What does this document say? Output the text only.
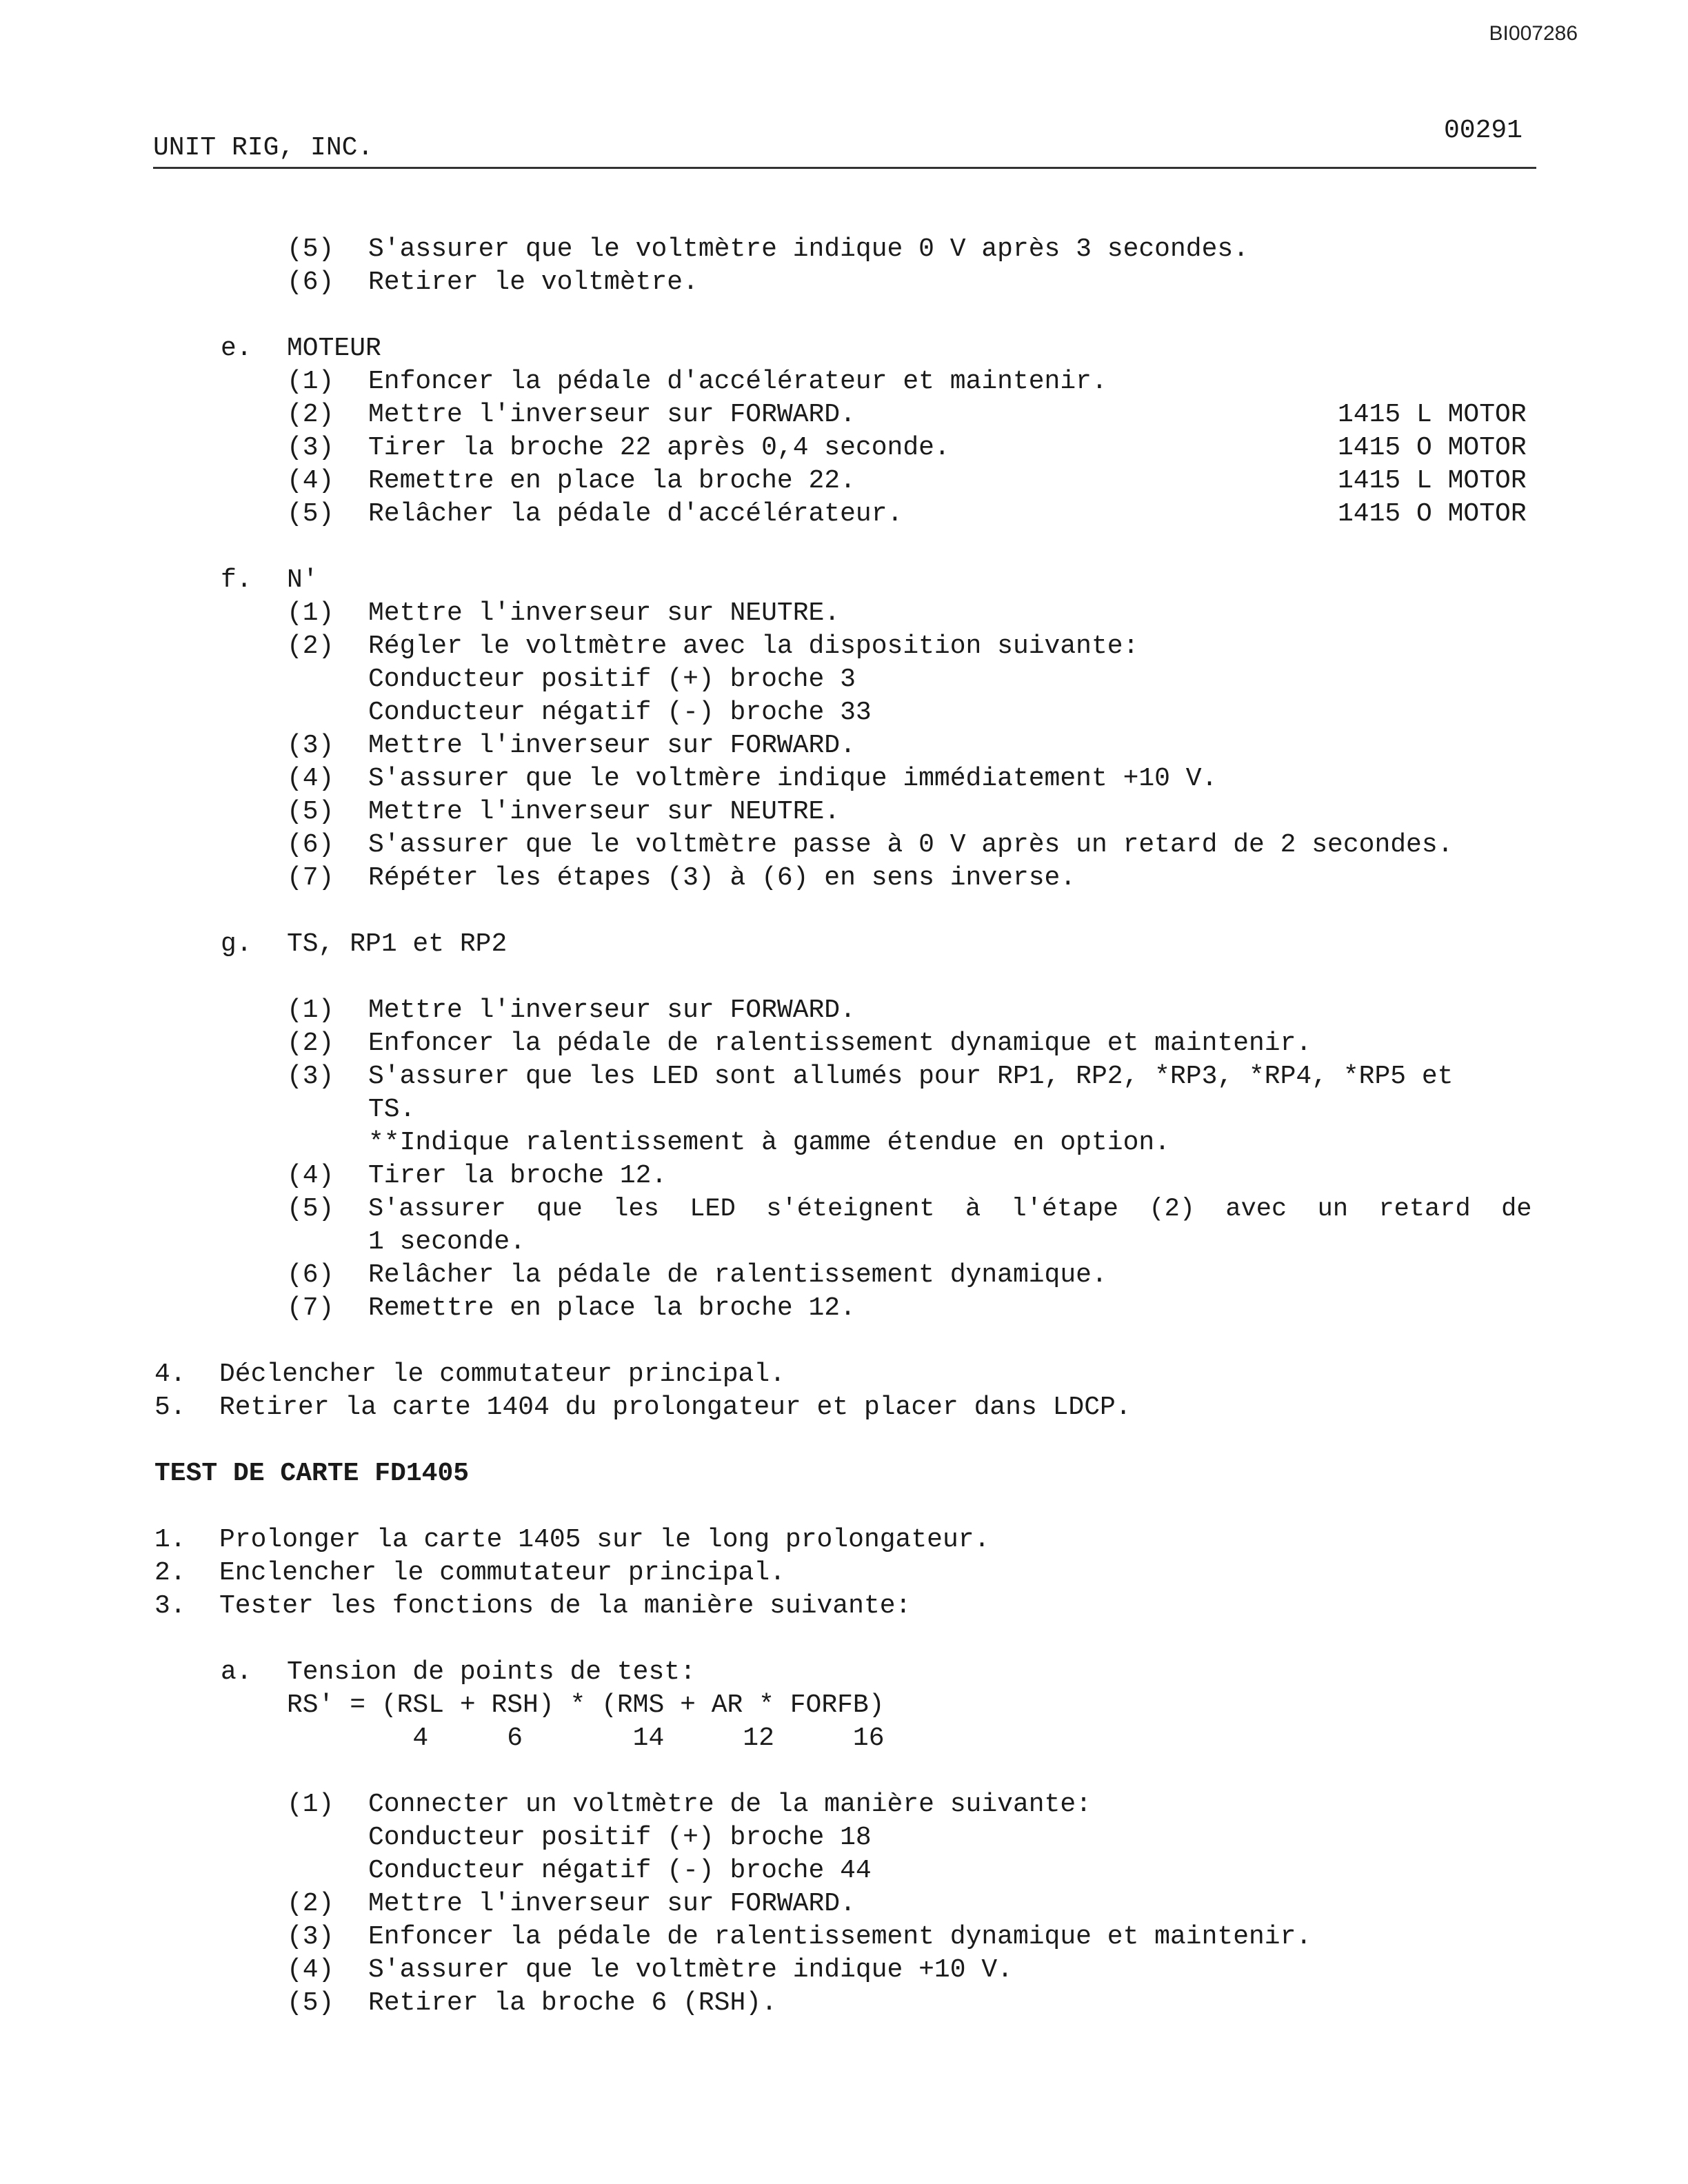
BI007286
UNIT RIG, INC.
00291
(5) S'assurer que le voltmètre indique 0 V après 3 secondes.
(6) Retirer le voltmètre.
e. MOTEUR
(1) Enfoncer la pédale d'accélérateur et maintenir.
(2) Mettre l'inverseur sur FORWARD.	1415 L MOTOR
(3) Tirer la broche 22 après 0,4 seconde.	1415 O MOTOR
(4) Remettre en place la broche 22.	1415 L MOTOR
(5) Relâcher la pédale d'accélérateur.	1415 O MOTOR
f. N'
(1) Mettre l'inverseur sur NEUTRE.
(2) Régler le voltmètre avec la disposition suivante:
Conducteur positif (+) broche 3
Conducteur négatif (-) broche 33
(3) Mettre l'inverseur sur FORWARD.
(4) S'assurer que le voltmère indique immédiatement +10 V.
(5) Mettre l'inverseur sur NEUTRE.
(6) S'assurer que le voltmètre passe à 0 V après un retard de 2 secondes.
(7) Répéter les étapes (3) à (6) en sens inverse.
g. TS, RP1 et RP2
(1) Mettre l'inverseur sur FORWARD.
(2) Enfoncer la pédale de ralentissement dynamique et maintenir.
(3) S'assurer que les LED sont allumés pour RP1, RP2, *RP3, *RP4, *RP5 et
TS.
**Indique ralentissement à gamme étendue en option.
(4) Tirer la broche 12.
(5) S'assurer  que  les  LED  s'éteignent  à  l'étape  (2)  avec  un  retard  de
1 seconde.
(6) Relâcher la pédale de ralentissement dynamique.
(7) Remettre en place la broche 12.
4. Déclencher le commutateur principal.
5. Retirer la carte 1404 du prolongateur et placer dans LDCP.
TEST DE CARTE FD1405
1. Prolonger la carte 1405 sur le long prolongateur.
2. Enclencher le commutateur principal.
3. Tester les fonctions de la manière suivante:
a. Tension de points de test:
RS' = (RSL + RSH) * (RMS + AR * FORFB)
4     6       14     12     16
(1) Connecter un voltmètre de la manière suivante:
Conducteur positif (+) broche 18
Conducteur négatif (-) broche 44
(2) Mettre l'inverseur sur FORWARD.
(3) Enfoncer la pédale de ralentissement dynamique et maintenir.
(4) S'assurer que le voltmètre indique +10 V.
(5) Retirer la broche 6 (RSH).
